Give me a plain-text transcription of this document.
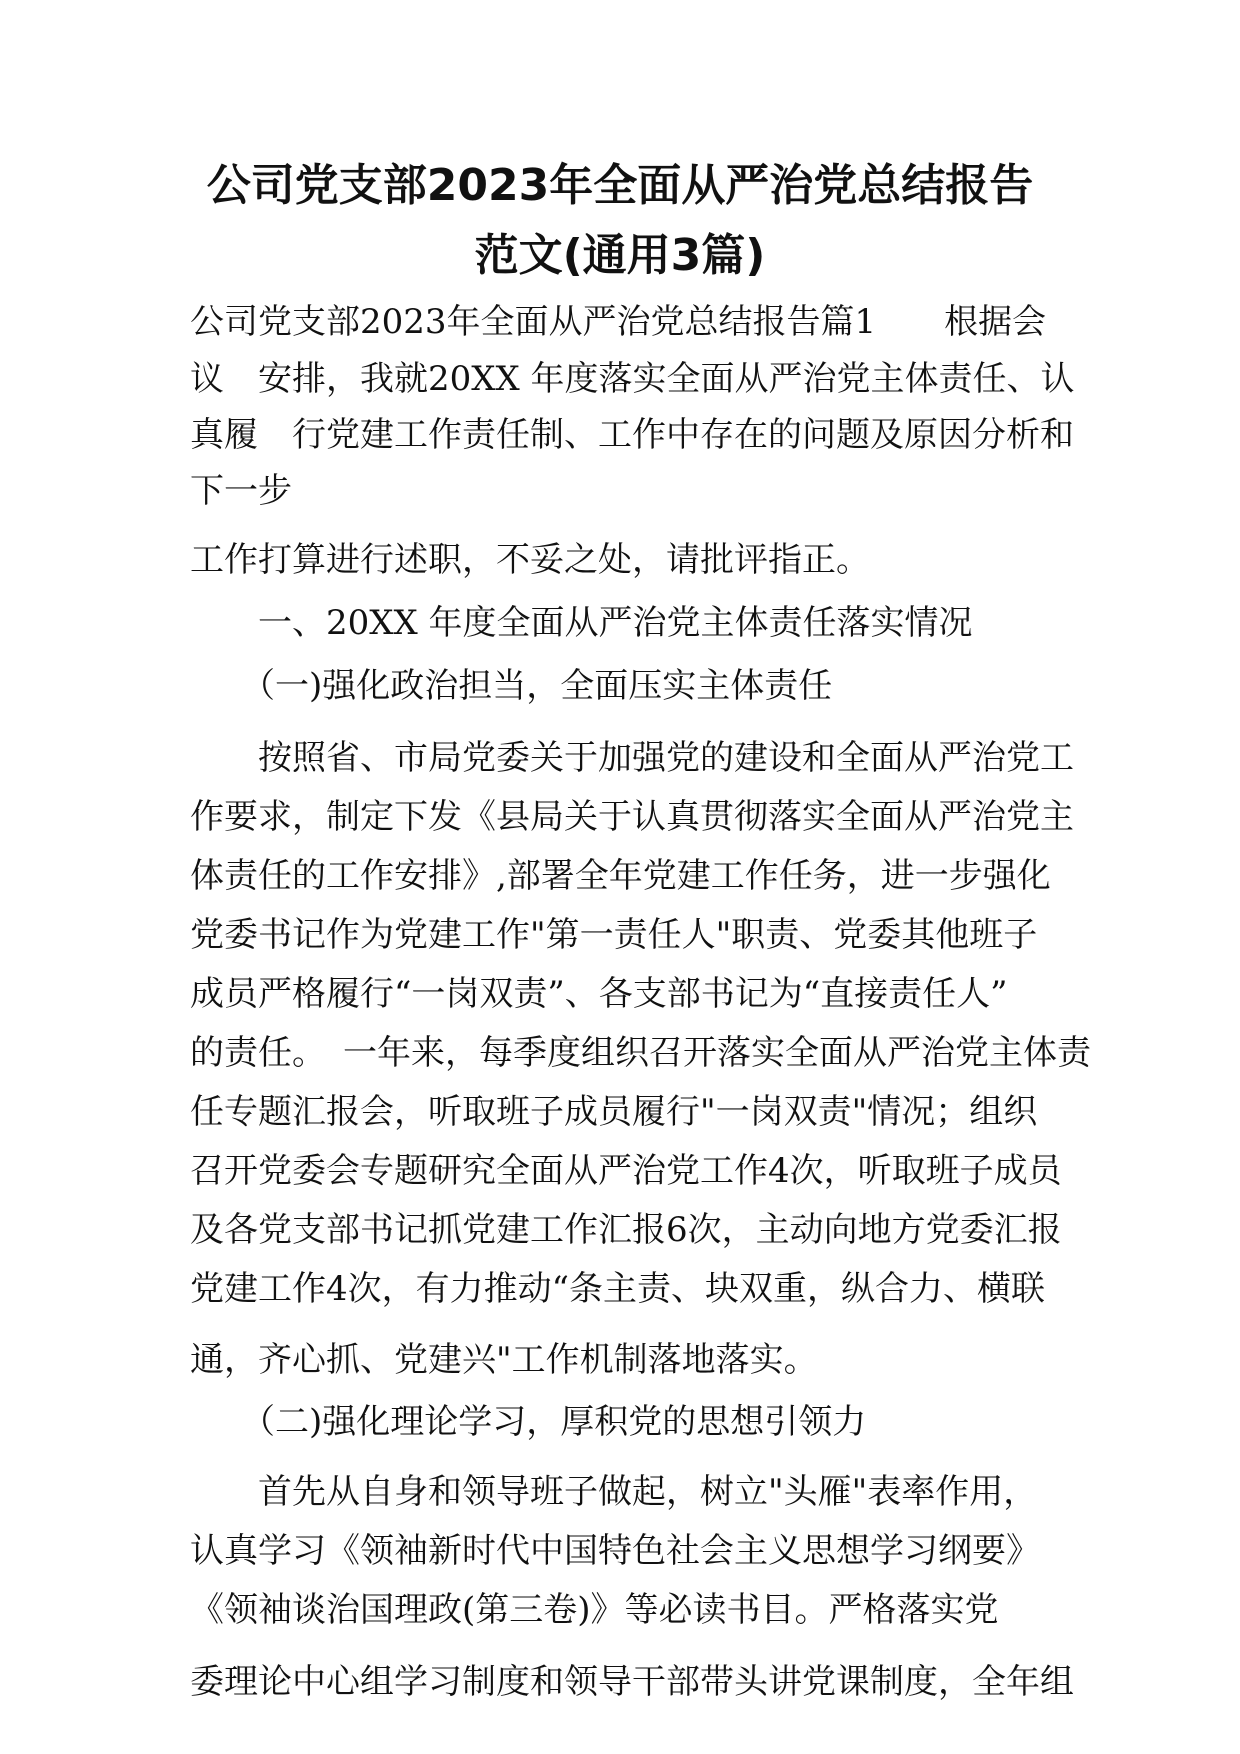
公司党支部2023年全面从严治党总结报告
范文(通用3篇)
公司党支部2023年全面从严治党总结报告篇1　　根据会
议　安排，我就20XX 年度落实全面从严治党主体责任、认
真履　行党建工作责任制、工作中存在的问题及原因分析和
下一步
工作打算进行述职，不妥之处，请批评指正。
　　一、20XX 年度全面从严治党主体责任落实情况
　　（一)强化政治担当，全面压实主体责任
　　按照省、市局党委关于加强党的建设和全面从严治党工
作要求，制定下发《县局关于认真贯彻落实全面从严治党主
体责任的工作安排》,部署全年党建工作任务，进一步强化
党委书记作为党建工作"第一责任人"职责、党委其他班子
成员严格履行“一岗双责”、各支部书记为“直接责任人”
的责任。　一年来，每季度组织召开落实全面从严治党主体责
任专题汇报会，听取班子成员履行"一岗双责"情况；组织
召开党委会专题研究全面从严治党工作4次，听取班子成员
及各党支部书记抓党建工作汇报6次，主动向地方党委汇报
党建工作4次，有力推动“条主责、块双重，纵合力、横联
通，齐心抓、党建兴"工作机制落地落实。
　　（二)强化理论学习，厚积党的思想引领力
　　首先从自身和领导班子做起，树立"头雁"表率作用，
认真学习《领袖新时代中国特色社会主义思想学习纲要》
《领袖谈治国理政(第三卷)》等必读书目。严格落实党
委理论中心组学习制度和领导干部带头讲党课制度，全年组
